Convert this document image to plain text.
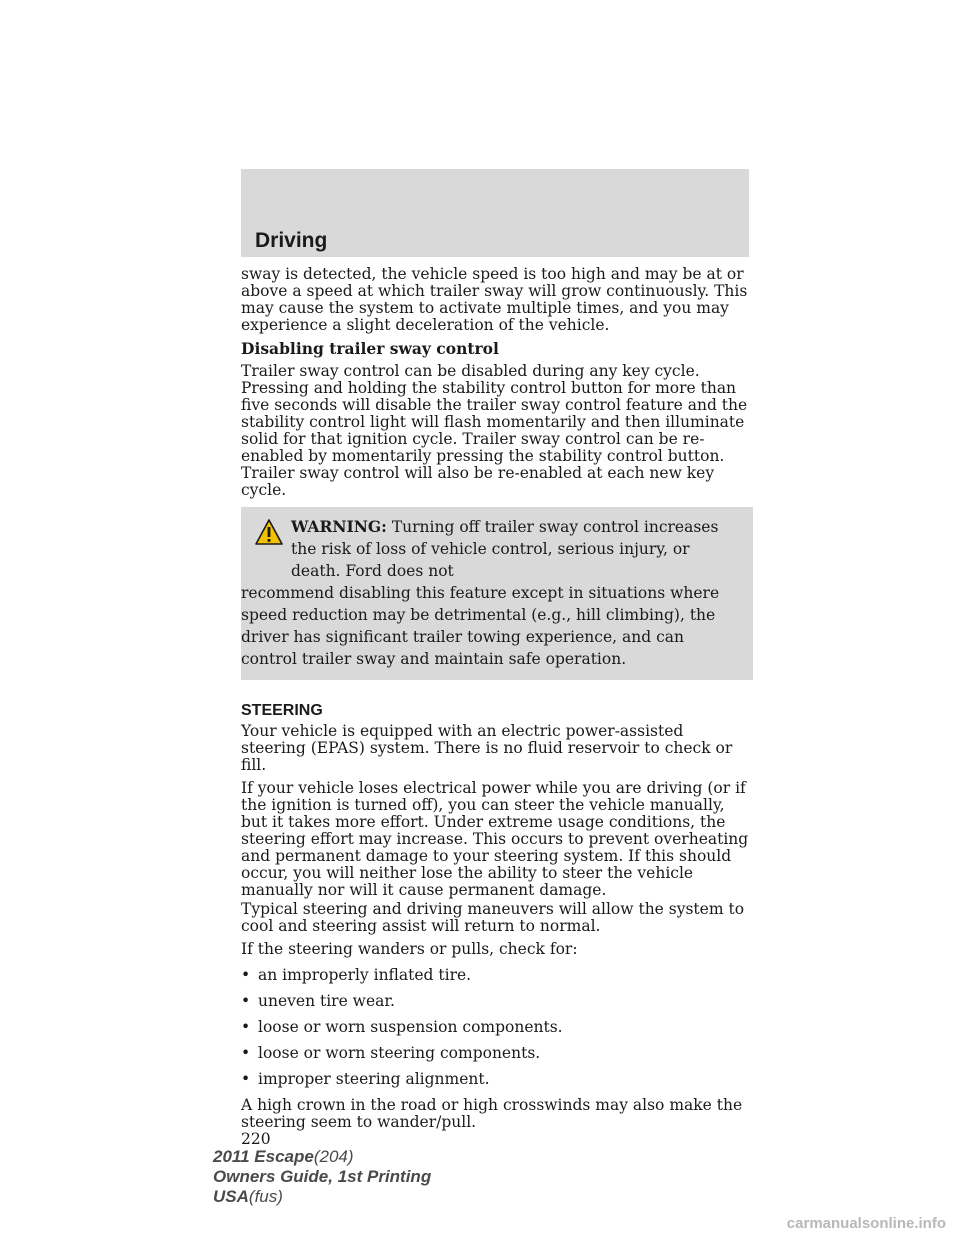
Driving

sway is detected, the vehicle speed is too high and may be at or above a speed at which trailer sway will grow continuously. This may cause the system to activate multiple times, and you may experience a slight deceleration of the vehicle.

Disabling trailer sway control

Trailer sway control can be disabled during any key cycle. Pressing and holding the stability control button for more than five seconds will disable the trailer sway control feature and the stability control light will flash momentarily and then illuminate solid for that ignition cycle. Trailer sway control can be re-enabled by momentarily pressing the stability control button. Trailer sway control will also be re-enabled at each new key cycle.

WARNING: Turning off trailer sway control increases the risk of loss of vehicle control, serious injury, or death. Ford does not
recommend disabling this feature except in situations where speed reduction may be detrimental (e.g., hill climbing), the driver has significant trailer towing experience, and can control trailer sway and maintain safe operation.
STEERING

Your vehicle is equipped with an electric power-assisted steering (EPAS) system. There is no fluid reservoir to check or fill.

If your vehicle loses electrical power while you are driving (or if the ignition is turned off), you can steer the vehicle manually, but it takes more effort. Under extreme usage conditions, the steering effort may increase. This occurs to prevent overheating and permanent damage to your steering system. If this should occur, you will neither lose the ability to steer the vehicle manually nor will it cause permanent damage.

Typical steering and driving maneuvers will allow the system to cool and steering assist will return to normal.

If the steering wanders or pulls, check for:

• an improperly inflated tire.
• uneven tire wear.
• loose or worn suspension components.
• loose or worn steering components.
• improper steering alignment.

A high crown in the road or high crosswinds may also make the steering seem to wander/pull.

220
2011 Escape(204)
Owners Guide, 1st Printing
USA(fus)
carmanualsonline.info
